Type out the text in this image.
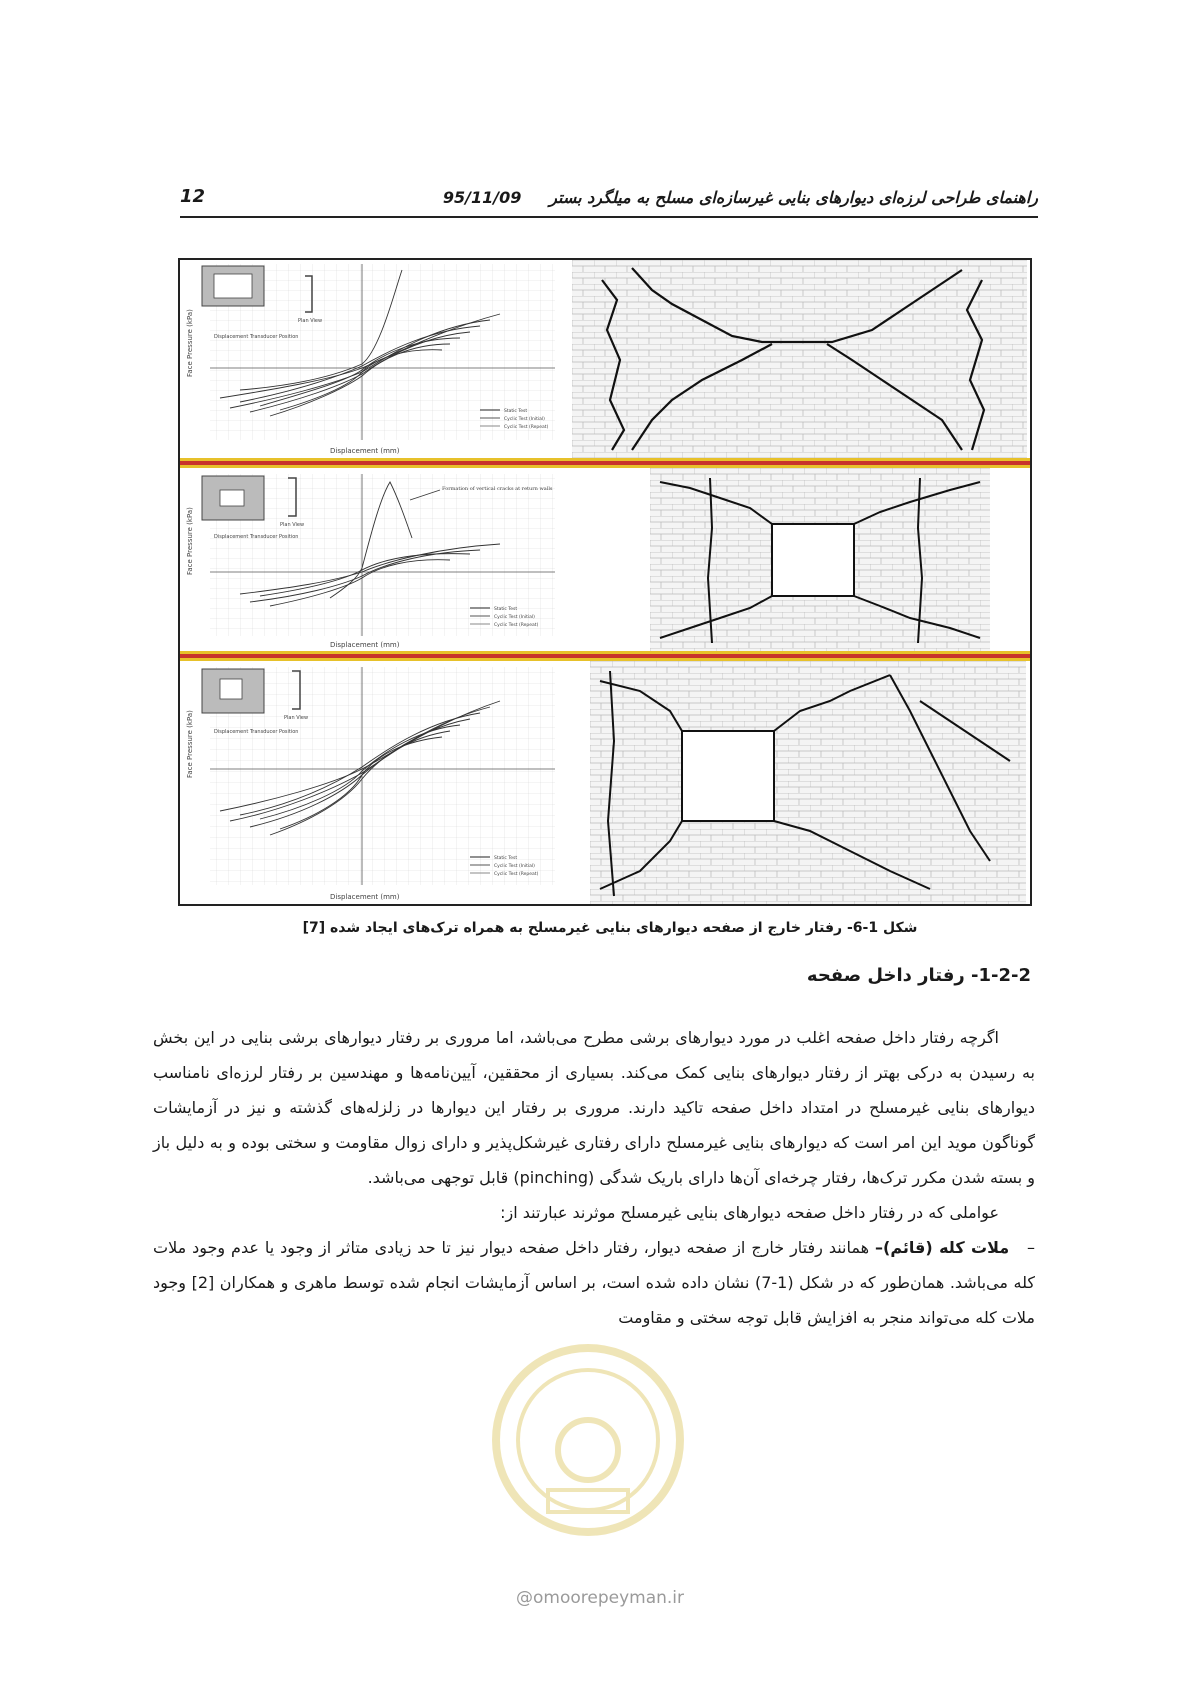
12	راهنمای طراحی لرزه‌ای دیوارهای بنایی غیرسازه‌ای مسلح به میلگرد بستر     95/11/09
Face Pressure (kPa)
Displacement (mm)
Plan View
Displacement Transducer Position
Static Test
Cyclic Test (Initial)
Cyclic Test (Repeat)
Face Pressure (kPa)
Displacement (mm)
Plan View
Displacement Transducer Position
Formation of vertical cracks at return walls
Static Test
Cyclic Test (Initial)
Cyclic Test (Repeat)
Face Pressure (kPa)
Displacement (mm)
Plan View
Displacement Transducer Position
Static Test
Cyclic Test (Initial)
Cyclic Test (Repeat)
شکل 1-6- رفتار خارج از صفحه دیوارهای بنایی غیرمسلح به همراه ترک‌های ایجاد شده [7]
1-2-2- رفتار داخل صفحه

اگرچه رفتار داخل صفحه اغلب در مورد دیوارهای برشی مطرح می‌باشد، اما مروری بر رفتار دیوارهای برشی بنایی در این بخش به رسیدن به درکی بهتر از رفتار دیوارهای بنایی کمک می‌کند. بسیاری از محققین، آیین‌نامه‌ها و مهندسین بر رفتار لرزه‌ای نامناسب دیوارهای بنایی غیرمسلح در امتداد داخل صفحه تاکید دارند. مروری بر رفتار این دیوارها در زلزله‌های گذشته و نیز در آزمایشات گوناگون موید این امر است که دیوارهای بنایی غیرمسلح دارای رفتاری غیرشکل‌پذیر و دارای زوال مقاومت و سختی بوده و به دلیل باز و بسته شدن مکرر ترک‌ها، رفتار چرخه‌ای آن‌ها دارای باریک شدگی (pinching) قابل توجهی می‌باشد.

عواملی که در رفتار داخل صفحه دیوارهای بنایی غیرمسلح موثرند عبارتند از:

–   ملات کله (قائم)– همانند رفتار خارج از صفحه دیوار، رفتار داخل صفحه دیوار نیز تا حد زیادی متاثر از وجود یا عدم وجود ملات کله می‌باشد. همان‌طور که در شکل (1-7) نشان داده شده است، بر اساس آزمایشات انجام شده توسط ماهری و همکاران [2] وجود ملات کله می‌تواند منجر به افزایش قابل توجه سختی و مقاومت

@omoorepeyman.ir
